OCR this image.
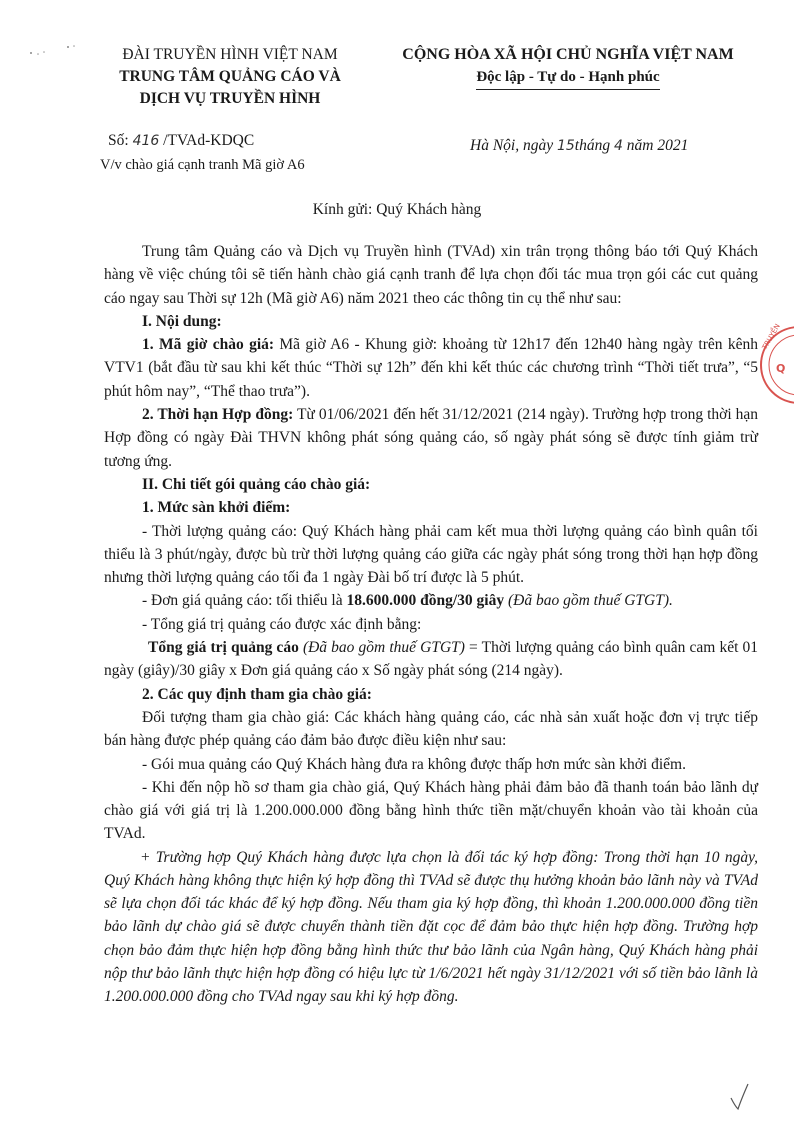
ĐÀI TRUYỀN HÌNH VIỆT NAM
TRUNG TÂM QUẢNG CÁO VÀ
DỊCH VỤ TRUYỀN HÌNH
CỘNG HÒA XÃ HỘI CHỦ NGHĨA VIỆT NAM
Độc lập - Tự do - Hạnh phúc
Số: 416 /TVAd-KDQC
V/v chào giá cạnh tranh Mã giờ A6
Hà Nội, ngày 15tháng 4 năm 2021
Kính gửi: Quý Khách hàng

Trung tâm Quảng cáo và Dịch vụ Truyền hình (TVAd) xin trân trọng thông báo tới Quý Khách hàng về việc chúng tôi sẽ tiến hành chào giá cạnh tranh để lựa chọn đối tác mua trọn gói các cut quảng cáo ngay sau Thời sự 12h (Mã giờ A6) năm 2021 theo các thông tin cụ thể như sau:

I. Nội dung:

1. Mã giờ chào giá: Mã giờ A6 - Khung giờ: khoảng từ 12h17 đến 12h40 hàng ngày trên kênh VTV1 (bắt đầu từ sau khi kết thúc “Thời sự 12h” đến khi kết thúc các chương trình “Thời tiết trưa”, “5 phút hôm nay”, “Thể thao trưa”).

2. Thời hạn Hợp đồng: Từ 01/06/2021 đến hết 31/12/2021 (214 ngày). Trường hợp trong thời hạn Hợp đồng có ngày Đài THVN không phát sóng quảng cáo, số ngày phát sóng sẽ được tính giảm trừ tương ứng.

II. Chi tiết gói quảng cáo chào giá:

1. Mức sàn khởi điểm:

- Thời lượng quảng cáo: Quý Khách hàng phải cam kết mua thời lượng quảng cáo bình quân tối thiểu là 3 phút/ngày, được bù trừ thời lượng quảng cáo giữa các ngày phát sóng trong thời hạn hợp đồng nhưng thời lượng quảng cáo tối đa 1 ngày Đài bố trí được là 5 phút.

- Đơn giá quảng cáo: tối thiểu là 18.600.000 đồng/30 giây (Đã bao gồm thuế GTGT).

- Tổng giá trị quảng cáo được xác định bằng:

Tổng giá trị quảng cáo (Đã bao gồm thuế GTGT) = Thời lượng quảng cáo bình quân cam kết 01 ngày (giây)/30 giây x Đơn giá quảng cáo x Số ngày phát sóng (214 ngày).

2. Các quy định tham gia chào giá:

Đối tượng tham gia chào giá: Các khách hàng quảng cáo, các nhà sản xuất hoặc đơn vị trực tiếp bán hàng được phép quảng cáo đảm bảo được điều kiện như sau:

- Gói mua quảng cáo Quý Khách hàng đưa ra không được thấp hơn mức sàn khởi điểm.

- Khi đến nộp hồ sơ tham gia chào giá, Quý Khách hàng phải đảm bảo đã thanh toán bảo lãnh dự chào giá với giá trị là 1.200.000.000 đồng bằng hình thức tiền mặt/chuyển khoản vào tài khoản của TVAd.

+ Trường hợp Quý Khách hàng được lựa chọn là đối tác ký hợp đồng: Trong thời hạn 10 ngày, Quý Khách hàng không thực hiện ký hợp đồng thì TVAd sẽ được thụ hưởng khoản bảo lãnh này và TVAd sẽ lựa chọn đối tác khác để ký hợp đồng. Nếu tham gia ký hợp đồng, thì khoản 1.200.000.000 đồng tiền bảo lãnh dự chào giá sẽ được chuyển thành tiền đặt cọc để đảm bảo thực hiện hợp đồng. Trường hợp chọn bảo đảm thực hiện hợp đồng bằng hình thức thư bảo lãnh của Ngân hàng, Quý Khách hàng phải nộp thư bảo lãnh thực hiện hợp đồng có hiệu lực từ 1/6/2021 hết ngày 31/12/2021 với số tiền bảo lãnh là 1.200.000.000 đồng cho TVAd ngay sau khi ký hợp đồng.

TRUYỀN
Q
